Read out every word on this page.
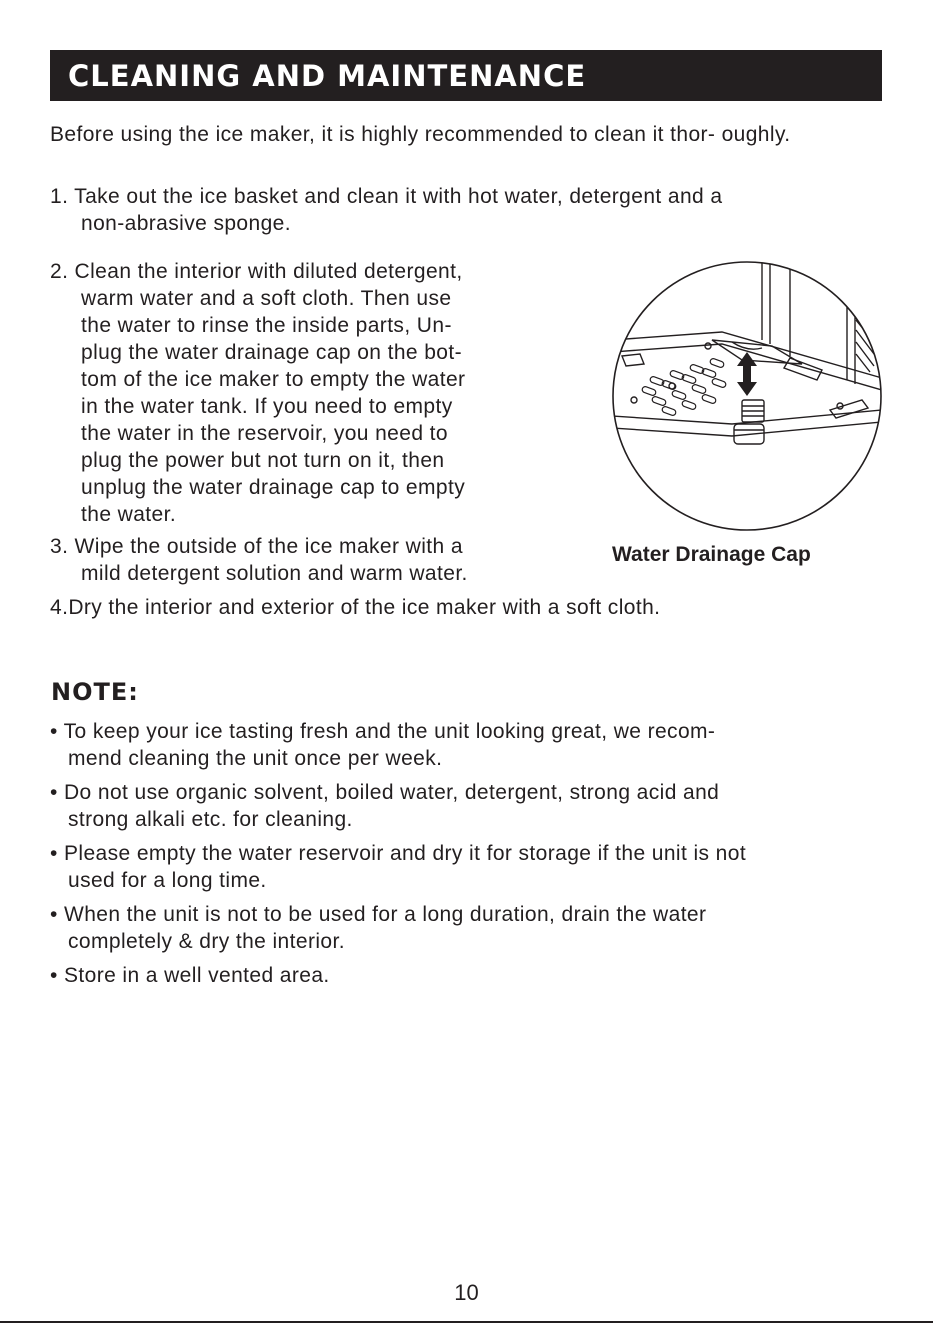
CLEANING AND MAINTENANCE
Before using the ice maker, it is highly recommended to clean it thor- oughly.
1. Take out the ice basket and clean it with hot water, detergent and a
non-abrasive sponge.
2. Clean the interior with diluted detergent,
warm water and a soft cloth. Then use
the water to rinse the inside parts, Un-
plug the water drainage cap on the bot-
tom of the ice maker to empty the water
in the water tank. If you need to empty
the water in the reservoir, you need to
plug the power but not turn on it, then
unplug the water drainage cap to empty
the water.
3. Wipe the outside of the ice maker with a
mild detergent solution and warm water.
4.Dry the interior and exterior of the ice maker with a soft cloth.
Water Drainage Cap
NOTE:
• To keep your ice tasting fresh and the unit looking great, we recom-
mend cleaning the unit once per week.
• Do not use organic solvent, boiled water, detergent, strong acid and
strong alkali etc. for cleaning.
• Please empty the water reservoir and dry it for storage if the unit is not
used for a long time.
• When the unit is not to be used for a long duration, drain the water
completely & dry the interior.
• Store in a well vented area.
10
